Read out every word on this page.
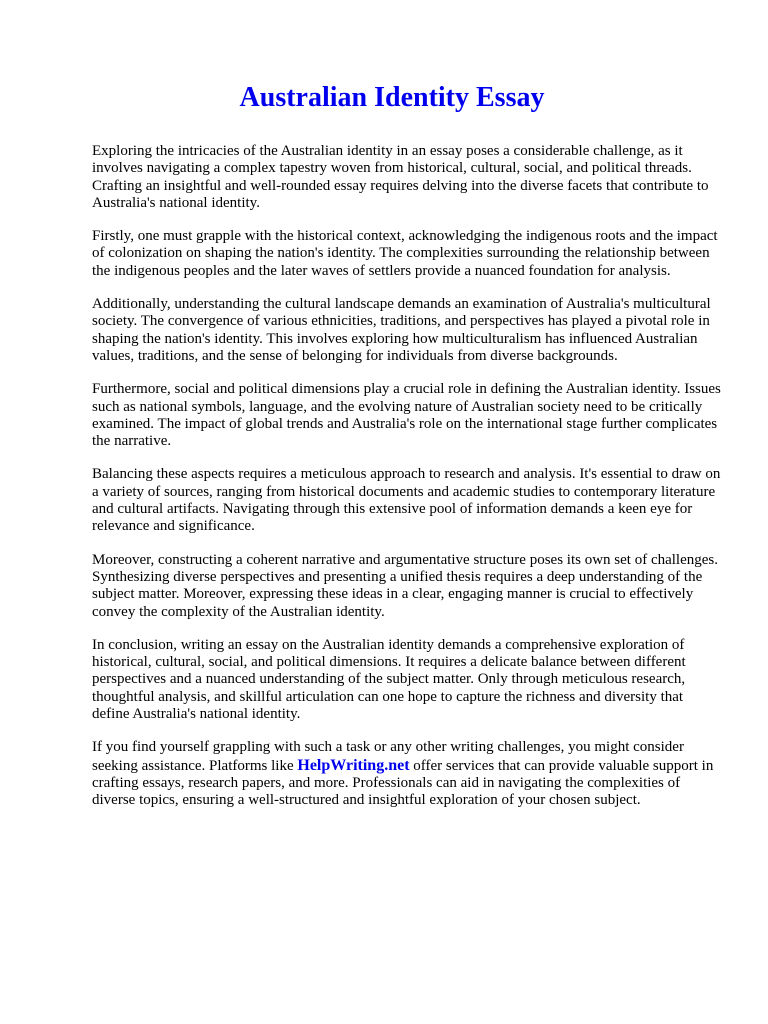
Australian Identity Essay

Exploring the intricacies of the Australian identity in an essay poses a considerable challenge, as it involves navigating a complex tapestry woven from historical, cultural, social, and political threads. Crafting an insightful and well-rounded essay requires delving into the diverse facets that contribute to Australia's national identity.

Firstly, one must grapple with the historical context, acknowledging the indigenous roots and the impact of colonization on shaping the nation's identity. The complexities surrounding the relationship between the indigenous peoples and the later waves of settlers provide a nuanced foundation for analysis.

Additionally, understanding the cultural landscape demands an examination of Australia's multicultural society. The convergence of various ethnicities, traditions, and perspectives has played a pivotal role in shaping the nation's identity. This involves exploring how multiculturalism has influenced Australian values, traditions, and the sense of belonging for individuals from diverse backgrounds.

Furthermore, social and political dimensions play a crucial role in defining the Australian identity. Issues such as national symbols, language, and the evolving nature of Australian society need to be critically examined. The impact of global trends and Australia's role on the international stage further complicates the narrative.

Balancing these aspects requires a meticulous approach to research and analysis. It's essential to draw on a variety of sources, ranging from historical documents and academic studies to contemporary literature and cultural artifacts. Navigating through this extensive pool of information demands a keen eye for relevance and significance.

Moreover, constructing a coherent narrative and argumentative structure poses its own set of challenges. Synthesizing diverse perspectives and presenting a unified thesis requires a deep understanding of the subject matter. Moreover, expressing these ideas in a clear, engaging manner is crucial to effectively convey the complexity of the Australian identity.

In conclusion, writing an essay on the Australian identity demands a comprehensive exploration of historical, cultural, social, and political dimensions. It requires a delicate balance between different perspectives and a nuanced understanding of the subject matter. Only through meticulous research, thoughtful analysis, and skillful articulation can one hope to capture the richness and diversity that define Australia's national identity.

If you find yourself grappling with such a task or any other writing challenges, you might consider seeking assistance. Platforms like HelpWriting.net offer services that can provide valuable support in crafting essays, research papers, and more. Professionals can aid in navigating the complexities of diverse topics, ensuring a well-structured and insightful exploration of your chosen subject.
